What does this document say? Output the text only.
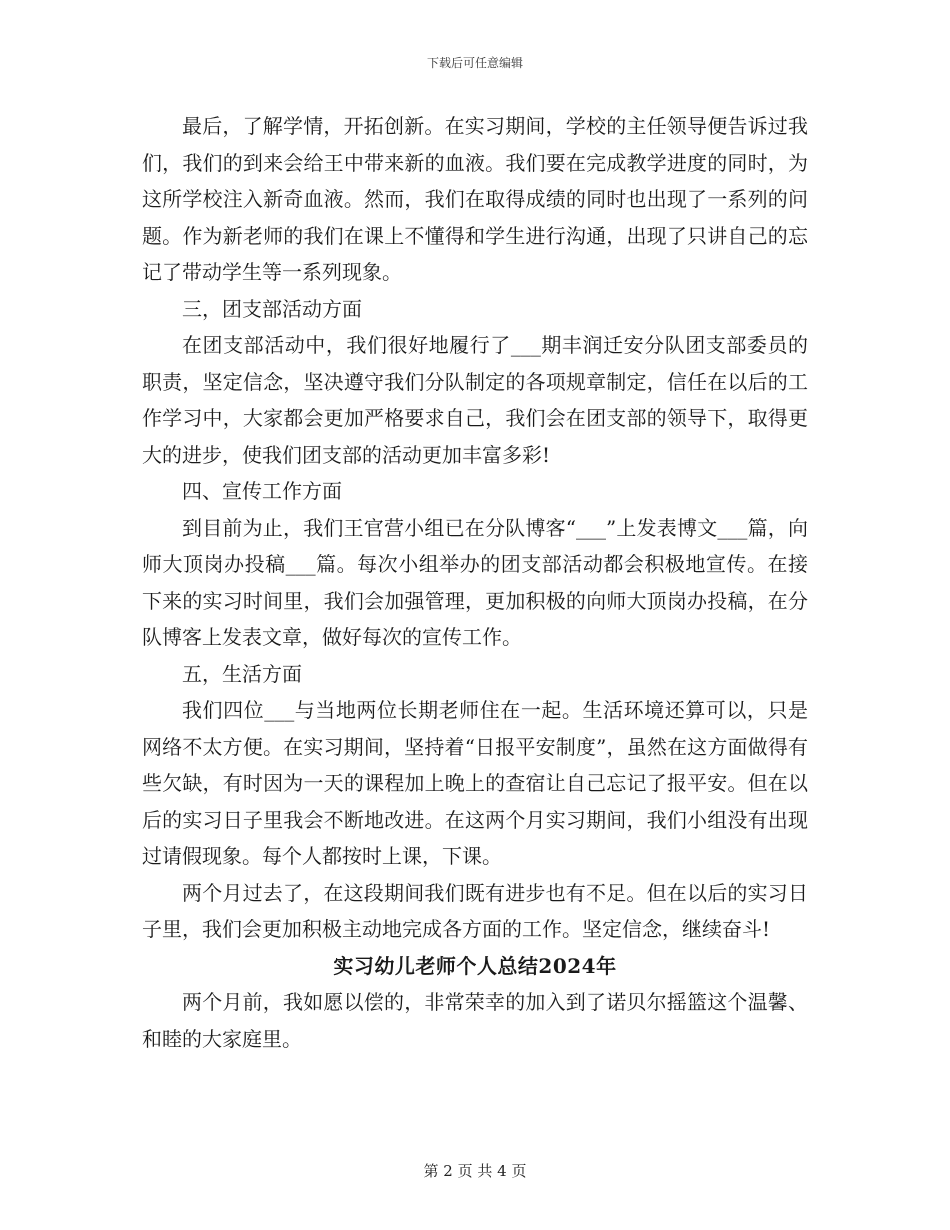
下载后可任意编辑

最后，了解学情，开拓创新。在实习期间，学校的主任领导便告诉过我们，我们的到来会给王中带来新的血液。我们要在完成教学进度的同时，为这所学校注入新奇血液。然而，我们在取得成绩的同时也出现了一系列的问题。作为新老师的我们在课上不懂得和学生进行沟通，出现了只讲自己的忘记了带动学生等一系列现象。

三，团支部活动方面

在团支部活动中，我们很好地履行了___期丰润迁安分队团支部委员的职责，坚定信念，坚决遵守我们分队制定的各项规章制定，信任在以后的工作学习中，大家都会更加严格要求自己，我们会在团支部的领导下，取得更大的进步，使我们团支部的活动更加丰富多彩!

四、宣传工作方面

到目前为止，我们王官营小组已在分队博客“___”上发表博文___篇，向师大顶岗办投稿___篇。每次小组举办的团支部活动都会积极地宣传。在接下来的实习时间里，我们会加强管理，更加积极的向师大顶岗办投稿，在分队博客上发表文章，做好每次的宣传工作。

五，生活方面

我们四位___与当地两位长期老师住在一起。生活环境还算可以，只是网络不太方便。在实习期间，坚持着“日报平安制度”，虽然在这方面做得有些欠缺，有时因为一天的课程加上晚上的查宿让自己忘记了报平安。但在以后的实习日子里我会不断地改进。在这两个月实习期间，我们小组没有出现过请假现象。每个人都按时上课，下课。

两个月过去了，在这段期间我们既有进步也有不足。但在以后的实习日子里，我们会更加积极主动地完成各方面的工作。坚定信念，继续奋斗!

实习幼儿老师个人总结2024年

两个月前，我如愿以偿的，非常荣幸的加入到了诺贝尔摇篮这个温馨、和睦的大家庭里。

第 2 页 共 4 页
